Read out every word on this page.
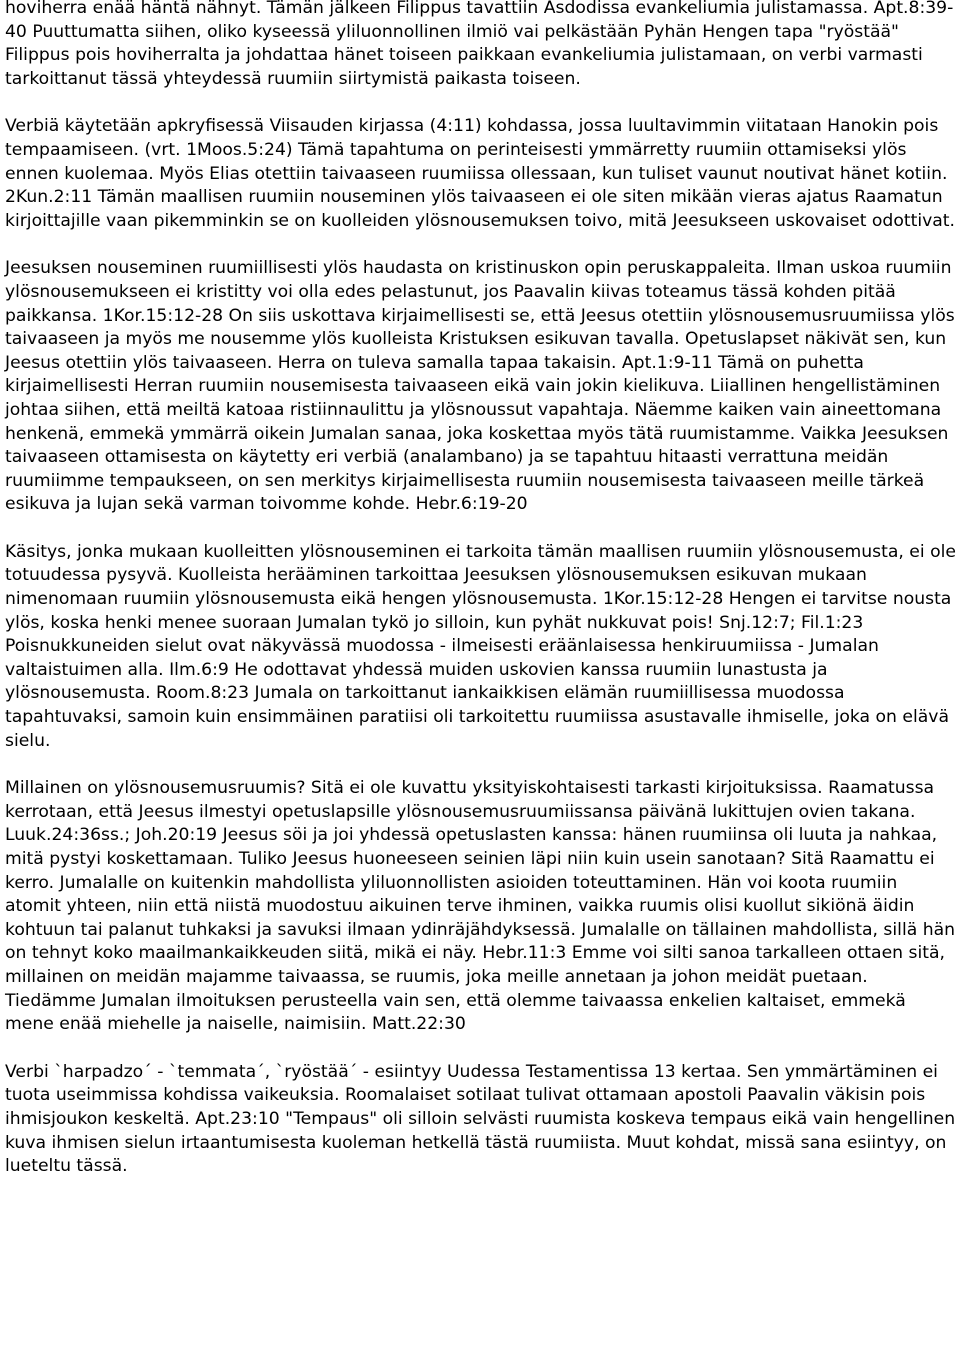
hoviherra enää häntä nähnyt. Tämän jälkeen Filippus tavattiin Asdodissa evankeliumia julistamassa. Apt.8:39-40 Puuttumatta siihen, oliko kyseessä yliluonnollinen ilmiö vai pelkästään Pyhän Hengen tapa "ryöstää" Filippus pois hoviherralta ja johdattaa hänet toiseen paikkaan evankeliumia julistamaan, on verbi varmasti tarkoittanut tässä yhteydessä ruumiin siirtymistä paikasta toiseen.

Verbiä käytetään apkryfisessä Viisauden kirjassa (4:11) kohdassa, jossa luultavimmin viitataan Hanokin pois tempaamiseen. (vrt. 1Moos.5:24) Tämä tapahtuma on perinteisesti ymmärretty ruumiin ottamiseksi ylös ennen kuolemaa. Myös Elias otettiin taivaaseen ruumiissa ollessaan, kun tuliset vaunut noutivat hänet kotiin. 2Kun.2:11 Tämän maallisen ruumiin nouseminen ylös taivaaseen ei ole siten mikään vieras ajatus Raamatun kirjoittajille vaan pikemminkin se on kuolleiden ylösnousemuksen toivo, mitä Jeesukseen uskovaiset odottivat.

Jeesuksen nouseminen ruumiillisesti ylös haudasta on kristinuskon opin peruskappaleita. Ilman uskoa ruumiin ylösnousemukseen ei kristitty voi olla edes pelastunut, jos Paavalin kiivas toteamus tässä kohden pitää paikkansa. 1Kor.15:12-28 On siis uskottava kirjaimellisesti se, että Jeesus otettiin ylösnousemusruumiissa ylös taivaaseen ja myös me nousemme ylös kuolleista Kristuksen esikuvan tavalla. Opetuslapset näkivät sen, kun Jeesus otettiin ylös taivaaseen. Herra on tuleva samalla tapaa takaisin. Apt.1:9-11 Tämä on puhetta kirjaimellisesti Herran ruumiin nousemisesta taivaaseen eikä vain jokin kielikuva. Liiallinen hengellistäminen johtaa siihen, että meiltä katoaa ristiinnaulittu ja ylösnoussut vapahtaja. Näemme kaiken vain aineettomana henkenä, emmekä ymmärrä oikein Jumalan sanaa, joka koskettaa myös tätä ruumistamme. Vaikka Jeesuksen taivaaseen ottamisesta on käytetty eri verbiä (analambano) ja se tapahtuu hitaasti verrattuna meidän ruumiimme tempaukseen, on sen merkitys kirjaimellisesta ruumiin nousemisesta taivaaseen meille tärkeä esikuva ja lujan sekä varman toivomme kohde. Hebr.6:19-20

Käsitys, jonka mukaan kuolleitten ylösnouseminen ei tarkoita tämän maallisen ruumiin ylösnousemusta, ei ole totuudessa pysyvä. Kuolleista herääminen tarkoittaa Jeesuksen ylösnousemuksen esikuvan mukaan nimenomaan ruumiin ylösnousemusta eikä hengen ylösnousemusta. 1Kor.15:12-28 Hengen ei tarvitse nousta ylös, koska henki menee suoraan Jumalan tykö jo silloin, kun pyhät nukkuvat pois! Snj.12:7; Fil.1:23 Poisnukkuneiden sielut ovat näkyvässä muodossa - ilmeisesti eräänlaisessa henkiruumiissa - Jumalan valtaistuimen alla. Ilm.6:9 He odottavat yhdessä muiden uskovien kanssa ruumiin lunastusta ja ylösnousemusta. Room.8:23 Jumala on tarkoittanut iankaikkisen elämän ruumiillisessa muodossa tapahtuvaksi, samoin kuin ensimmäinen paratiisi oli tarkoitettu ruumiissa asustavalle ihmiselle, joka on elävä sielu.

Millainen on ylösnousemusruumis? Sitä ei ole kuvattu yksityiskohtaisesti tarkasti kirjoituksissa. Raamatussa kerrotaan, että Jeesus ilmestyi opetuslapsille ylösnousemusruumiissansa päivänä lukittujen ovien takana. Luuk.24:36ss.; Joh.20:19 Jeesus söi ja joi yhdessä opetuslasten kanssa: hänen ruumiinsa oli luuta ja nahkaa, mitä pystyi koskettamaan. Tuliko Jeesus huoneeseen seinien läpi niin kuin usein sanotaan? Sitä Raamattu ei kerro. Jumalalle on kuitenkin mahdollista yliluonnollisten asioiden toteuttaminen. Hän voi koota ruumiin atomit yhteen, niin että niistä muodostuu aikuinen terve ihminen, vaikka ruumis olisi kuollut sikiönä äidin kohtuun tai palanut tuhkaksi ja savuksi ilmaan ydinräjähdyksessä. Jumalalle on tällainen mahdollista, sillä hän on tehnyt koko maailmankaikkeuden siitä, mikä ei näy. Hebr.11:3 Emme voi silti sanoa tarkalleen ottaen sitä, millainen on meidän majamme taivaassa, se ruumis, joka meille annetaan ja johon meidät puetaan. Tiedämme Jumalan ilmoituksen perusteella vain sen, että olemme taivaassa enkelien kaltaiset, emmekä mene enää miehelle ja naiselle, naimisiin. Matt.22:30

Verbi `harpadzo´ - `temmata´, `ryöstää´ - esiintyy Uudessa Testamentissa 13 kertaa. Sen ymmärtäminen ei tuota useimmissa kohdissa vaikeuksia. Roomalaiset sotilaat tulivat ottamaan apostoli Paavalin väkisin pois ihmisjoukon keskeltä. Apt.23:10 "Tempaus" oli silloin selvästi ruumista koskeva tempaus eikä vain hengellinen kuva ihmisen sielun irtaantumisesta kuoleman hetkellä tästä ruumiista. Muut kohdat, missä sana esiintyy, on lueteltu tässä.
